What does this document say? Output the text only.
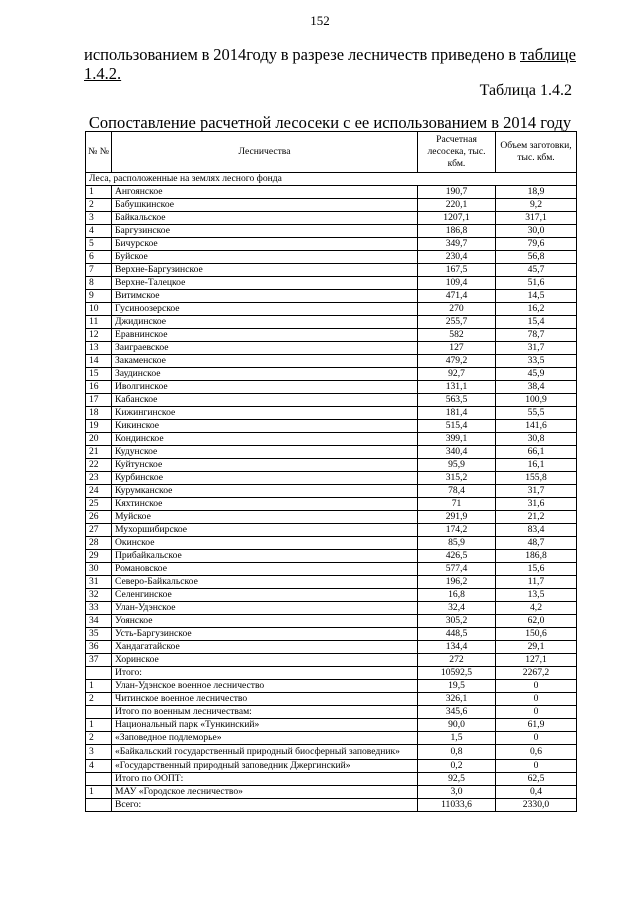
152
использованием в 2014году в разрезе лесничеств приведено в таблице
1.4.2.
Таблица 1.4.2
Сопоставление расчетной лесосеки с ее использованием в 2014 году
№ №	Лесничества	Расчетная лесосека, тыс. кбм.	Объем заготовки, тыс. кбм.
Леса, расположенные на землях лесного фонда			
1	Ангоянское	190,7	18,9
2	Бабушкинское	220,1	9,2
3	Байкальское	1207,1	317,1
4	Баргузинское	186,8	30,0
5	Бичурское	349,7	79,6
6	Буйское	230,4	56,8
7	Верхне-Баргузинское	167,5	45,7
8	Верхне-Талецкое	109,4	51,6
9	Витимское	471,4	14,5
10	Гусиноозерское	270	16,2
11	Джидинское	255,7	15,4
12	Еравнинское	582	78,7
13	Заиграевское	127	31,7
14	Закаменское	479,2	33,5
15	Заудинское	92,7	45,9
16	Иволгинское	131,1	38,4
17	Кабанское	563,5	100,9
18	Кижингинское	181,4	55,5
19	Кикинское	515,4	141,6
20	Кондинское	399,1	30,8
21	Кудунское	340,4	66,1
22	Куйтунское	95,9	16,1
23	Курбинское	315,2	155,8
24	Курумканское	78,4	31,7
25	Кяхтинское	71	31,6
26	Муйское	291,9	21,2
27	Мухоршибирское	174,2	83,4
28	Окинское	85,9	48,7
29	Прибайкальское	426,5	186,8
30	Романовское	577,4	15,6
31	Северо-Байкальское	196,2	11,7
32	Селенгинское	16,8	13,5
33	Улан-Удэнское	32,4	4,2
34	Уоянское	305,2	62,0
35	Усть-Баргузинское	448,5	150,6
36	Хандагатайское	134,4	29,1
37	Хоринское	272	127,1
	Итого:	10592,5	2267,2
1	Улан-Удэнское военное лесничество	19,5	0
2	Читинское военное лесничество	326,1	0
	Итого по военным лесничествам:	345,6	0
1	Национальный парк «Тункинский»	90,0	61,9
2	«Заповедное подлеморье»	1,5	0
3	«Байкальский государственный природный биосферный заповедник»	0,8	0,6
4	«Государственный природный заповедник Джергинский»	0,2	0
	Итого по ООПТ:	92,5	62,5
1	МАУ «Городское лесничество»	3,0	0,4
	Всего:	11033,6	2330,0
